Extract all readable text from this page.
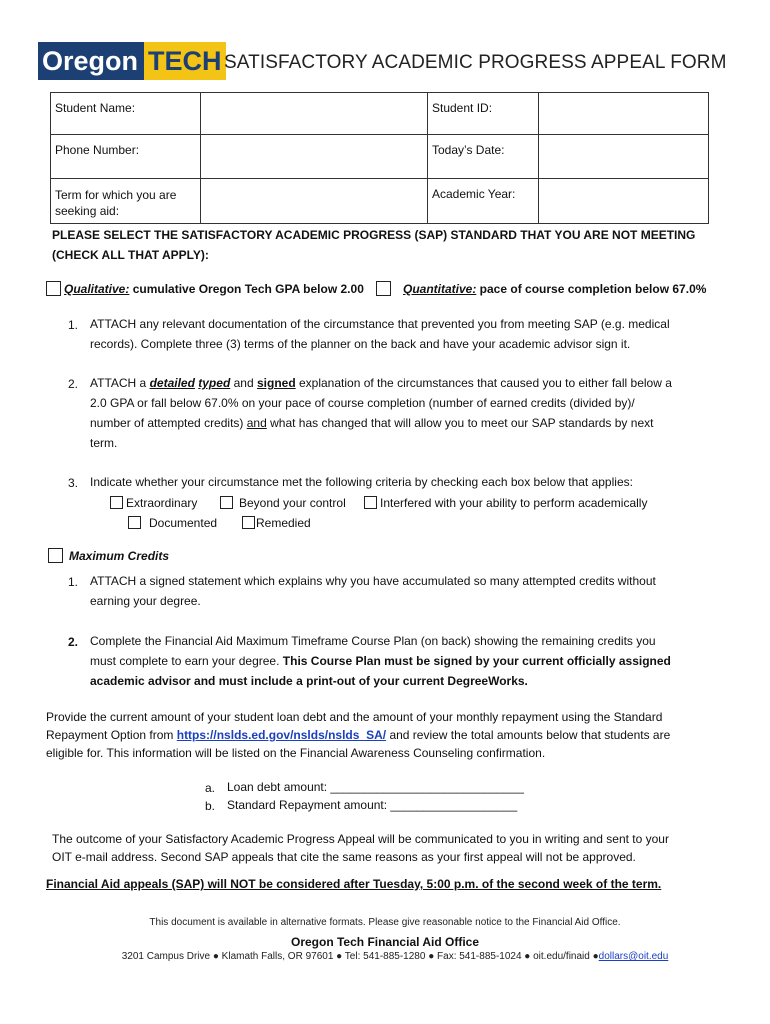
Oregon TECH SATISFACTORY ACADEMIC PROGRESS APPEAL FORM
Student Name:		Student ID:	
Phone Number:		Today’s Date:	
Term for which you are seeking aid:		Academic Year:	
PLEASE SELECT THE SATISFACTORY ACADEMIC PROGRESS (SAP) STANDARD THAT YOU ARE NOT MEETING
(CHECK ALL THAT APPLY):
Qualitative: cumulative Oregon Tech GPA below 2.00	Quantitative: pace of course completion below 67.0%
1. ATTACH any relevant documentation of the circumstance that prevented you from meeting SAP (e.g. medical
records). Complete three (3) terms of the planner on the back and have your academic advisor sign it.
2. ATTACH a detailed typed and signed explanation of the circumstances that caused you to either fall below a
2.0 GPA or fall below 67.0% on your pace of course completion (number of earned credits (divided by)/
number of attempted credits) and what has changed that will allow you to meet our SAP standards by next
term.
3. Indicate whether your circumstance met the following criteria by checking each box below that applies:
Extraordinary	Beyond your control	Interfered with your ability to perform academically
Documented	Remedied
Maximum Credits
1. ATTACH a signed statement which explains why you have accumulated so many attempted credits without
earning your degree.
2. Complete the Financial Aid Maximum Timeframe Course Plan (on back) showing the remaining credits you
must complete to earn your degree. This Course Plan must be signed by your current officially assigned
academic advisor and must include a print-out of your current DegreeWorks.
Provide the current amount of your student loan debt and the amount of your monthly repayment using the Standard
Repayment Option from https://nslds.ed.gov/nslds/nslds_SA/ and review the total amounts below that students are
eligible for. This information will be listed on the Financial Awareness Counseling confirmation.
a. Loan debt amount: _____________________________
b. Standard Repayment amount: ___________________
The outcome of your Satisfactory Academic Progress Appeal will be communicated to you in writing and sent to your
OIT e-mail address. Second SAP appeals that cite the same reasons as your first appeal will not be approved.
Financial Aid appeals (SAP) will NOT be considered after Tuesday, 5:00 p.m. of the second week of the term.
This document is available in alternative formats. Please give reasonable notice to the Financial Aid Office.
Oregon Tech Financial Aid Office
3201 Campus Drive ● Klamath Falls, OR 97601 ● Tel: 541-885-1280 ● Fax: 541-885-1024 ● oit.edu/finaid ●dollars@oit.edu
